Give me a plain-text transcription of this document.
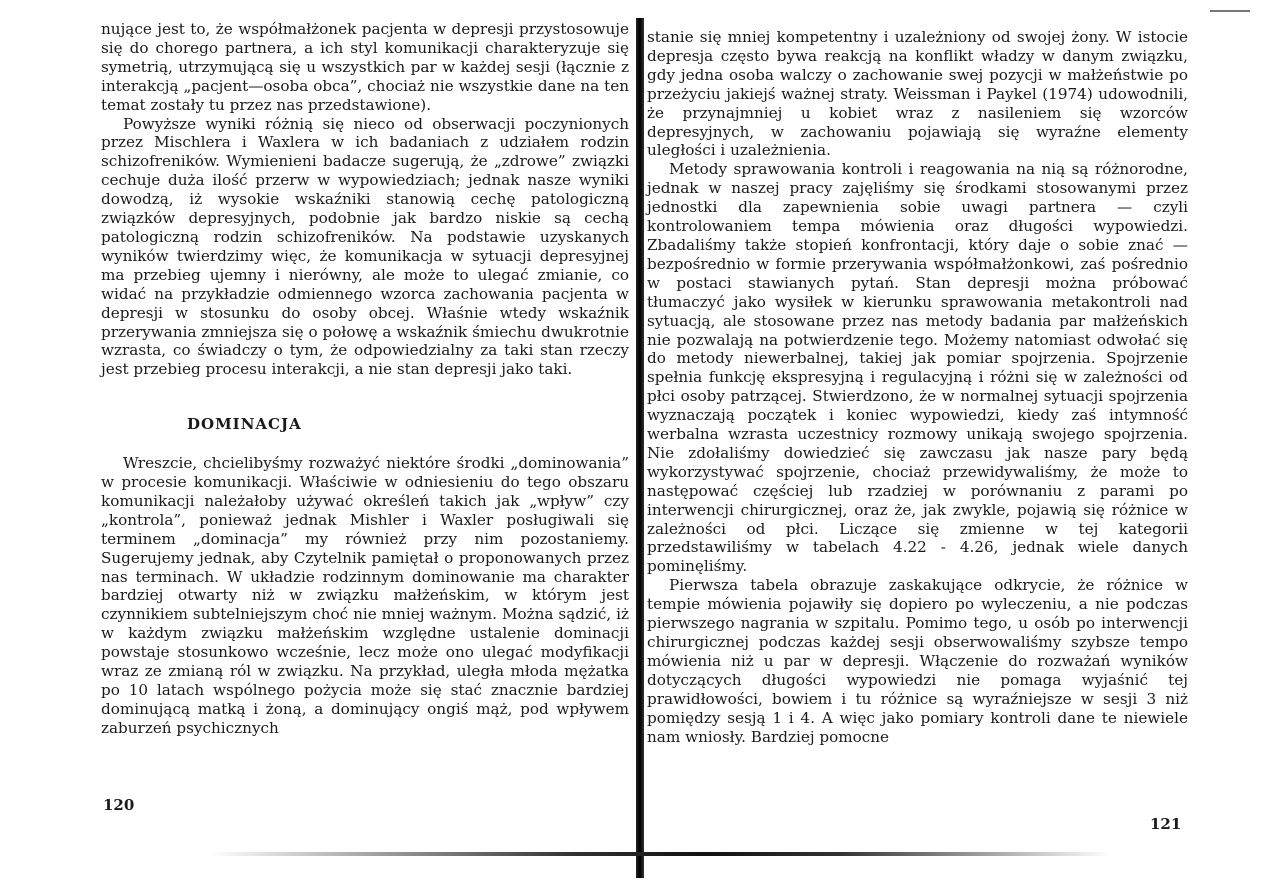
nujące jest to, że współmałżonek pacjenta w depresji przystosowuje się do chorego partnera, a ich styl komunikacji charakteryzuje się symetrią, utrzymującą się u wszystkich par w każdej sesji (łącznie z interakcją „pacjent—osoba obca”, chociaż nie wszystkie dane na ten temat zostały tu przez nas przedstawione).

Powyższe wyniki różnią się nieco od obserwacji poczynionych przez Mischlera i Waxlera w ich badaniach z udziałem rodzin schizofreników. Wymienieni badacze sugerują, że „zdrowe” związki cechuje duża ilość przerw w wypowiedziach; jednak nasze wyniki dowodzą, iż wysokie wskaźniki stanowią cechę patologiczną związków depresyjnych, podobnie jak bardzo niskie są cechą patologiczną rodzin schizofreników. Na podstawie uzyskanych wyników twierdzimy więc, że komunikacja w sytuacji depresyjnej ma przebieg ujemny i nierówny, ale może to ulegać zmianie, co widać na przykładzie odmiennego wzorca zachowania pacjenta w depresji w stosunku do osoby obcej. Właśnie wtedy wskaźnik przerywania zmniejsza się o połowę a wskaźnik śmiechu dwukrotnie wzrasta, co świadczy o tym, że odpowiedzialny za taki stan rzeczy jest przebieg procesu interakcji, a nie stan depresji jako taki.

DOMINACJA

Wreszcie, chcielibyśmy rozważyć niektóre środki „dominowania” w procesie komunikacji. Właściwie w odniesieniu do tego obszaru komunikacji należałoby używać określeń takich jak „wpływ” czy „kontrola”, ponieważ jednak Mishler i Waxler posługiwali się terminem „dominacja” my również przy nim pozostaniemy. Sugerujemy jednak, aby Czytelnik pamiętał o proponowanych przez nas terminach. W układzie rodzinnym dominowanie ma charakter bardziej otwarty niż w związku małżeńskim, w którym jest czynnikiem subtelniejszym choć nie mniej ważnym. Można sądzić, iż w każdym związku małżeńskim względne ustalenie dominacji powstaje stosunkowo wcześnie, lecz może ono ulegać modyfikacji wraz ze zmianą ról w związku. Na przykład, uległa młoda mężatka po 10 latach wspólnego pożycia może się stać znacznie bardziej dominującą matką i żoną, a dominujący ongiś mąż, pod wpływem zaburzeń psychicznych

120

stanie się mniej kompetentny i uzależniony od swojej żony. W istocie depresja często bywa reakcją na konflikt władzy w danym związku, gdy jedna osoba walczy o zachowanie swej pozycji w małżeństwie po przeżyciu jakiejś ważnej straty. Weissman i Paykel (1974) udowodnili, że przynajmniej u kobiet wraz z nasileniem się wzorców depresyjnych, w zachowaniu pojawiają się wyraźne elementy uległości i uzależnienia.

Metody sprawowania kontroli i reagowania na nią są różnorodne, jednak w naszej pracy zajęliśmy się środkami stosowanymi przez jednostki dla zapewnienia sobie uwagi partnera — czyli kontrolowaniem tempa mówienia oraz długości wypowiedzi. Zbadaliśmy także stopień konfrontacji, który daje o sobie znać — bezpośrednio w formie przerywania współmałżonkowi, zaś pośrednio w postaci stawianych pytań. Stan depresji można próbować tłumaczyć jako wysiłek w kierunku sprawowania metakontroli nad sytuacją, ale stosowane przez nas metody badania par małżeńskich nie pozwalają na potwierdzenie tego. Możemy natomiast odwołać się do metody niewerbalnej, takiej jak pomiar spojrzenia. Spojrzenie spełnia funkcję ekspresyjną i regulacyjną i różni się w zależności od płci osoby patrzącej. Stwierdzono, że w normalnej sytuacji spojrzenia wyznaczają początek i koniec wypowiedzi, kiedy zaś intymność werbalna wzrasta uczestnicy rozmowy unikają swojego spojrzenia. Nie zdołaliśmy dowiedzieć się zawczasu jak nasze pary będą wykorzystywać spojrzenie, chociaż przewidywaliśmy, że może to następować częściej lub rzadziej w porównaniu z parami po interwencji chirurgicznej, oraz że, jak zwykle, pojawią się różnice w zależności od płci. Liczące się zmienne w tej kategorii przedstawiliśmy w tabelach 4.22 - 4.26, jednak wiele danych pominęliśmy.

Pierwsza tabela obrazuje zaskakujące odkrycie, że różnice w tempie mówienia pojawiły się dopiero po wyleczeniu, a nie podczas pierwszego nagrania w szpitalu. Pomimo tego, u osób po interwencji chirurgicznej podczas każdej sesji obserwowaliśmy szybsze tempo mówienia niż u par w depresji. Włączenie do rozważań wyników dotyczących długości wypowiedzi nie pomaga wyjaśnić tej prawidłowości, bowiem i tu różnice są wyraźniejsze w sesji 3 niż pomiędzy sesją 1 i 4. A więc jako pomiary kontroli dane te niewiele nam wniosły. Bardziej pomocne

121
